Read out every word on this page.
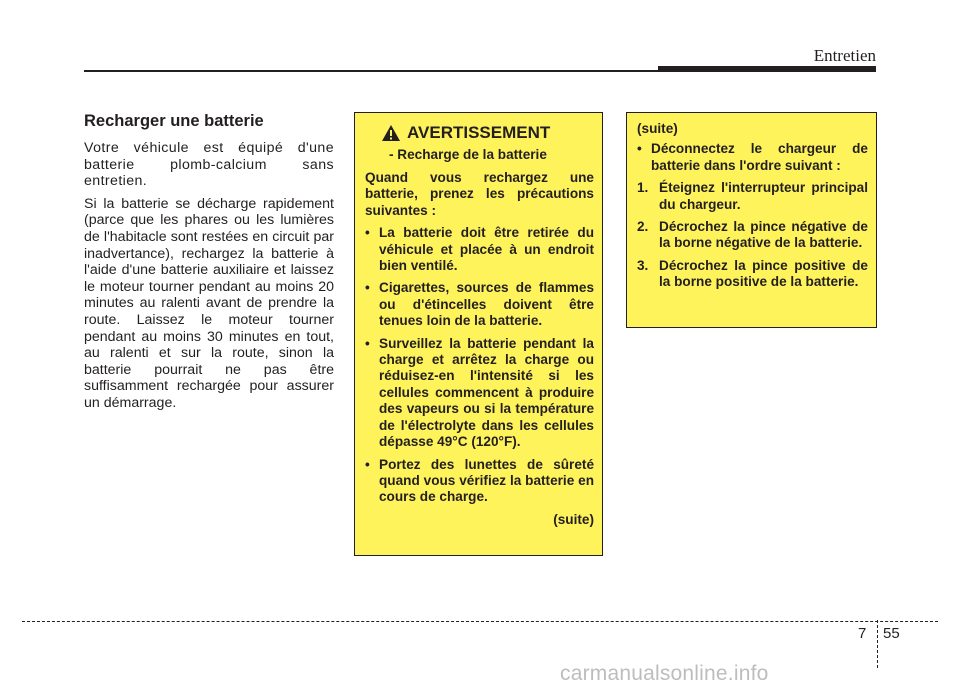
Entretien
Recharger une batterie

Votre véhicule est équipé d'une batterie plomb-calcium sans entretien.

Si la batterie se décharge rapidement (parce que les phares ou les lumières de l'habitacle sont restées en circuit par inadvertance), rechargez la batterie à l'aide d'une batterie auxiliaire et laissez le moteur tourner pendant au moins 20 minutes au ralenti avant de prendre la route. Laissez le moteur tourner pendant au moins 30 minutes en tout, au ralenti et sur la route, sinon la batterie pourrait ne pas être suffisamment rechargée pour assurer un démarrage.

AVERTISSEMENT
- Recharge de la batterie
Quand vous rechargez une batterie, prenez les précautions suivantes :
• La batterie doit être retirée du véhicule et placée à un endroit bien ventilé.
• Cigarettes, sources de flammes ou d'étincelles doivent être tenues loin de la batterie.
• Surveillez la batterie pendant la charge et arrêtez la charge ou réduisez-en l'intensité si les cellules commencent à produire des vapeurs ou si la température de l'électrolyte dans les cellules dépasse 49°C (120°F).
• Portez des lunettes de sûreté quand vous vérifiez la batterie en cours de charge.
(suite)
(suite)
• Déconnectez le chargeur de batterie dans l'ordre suivant :
1. Éteignez l'interrupteur principal du chargeur.
2. Décrochez la pince négative de la borne négative de la batterie.
3. Décrochez la pince positive de la borne positive de la batterie.
7 55
carmanualsonline.info
